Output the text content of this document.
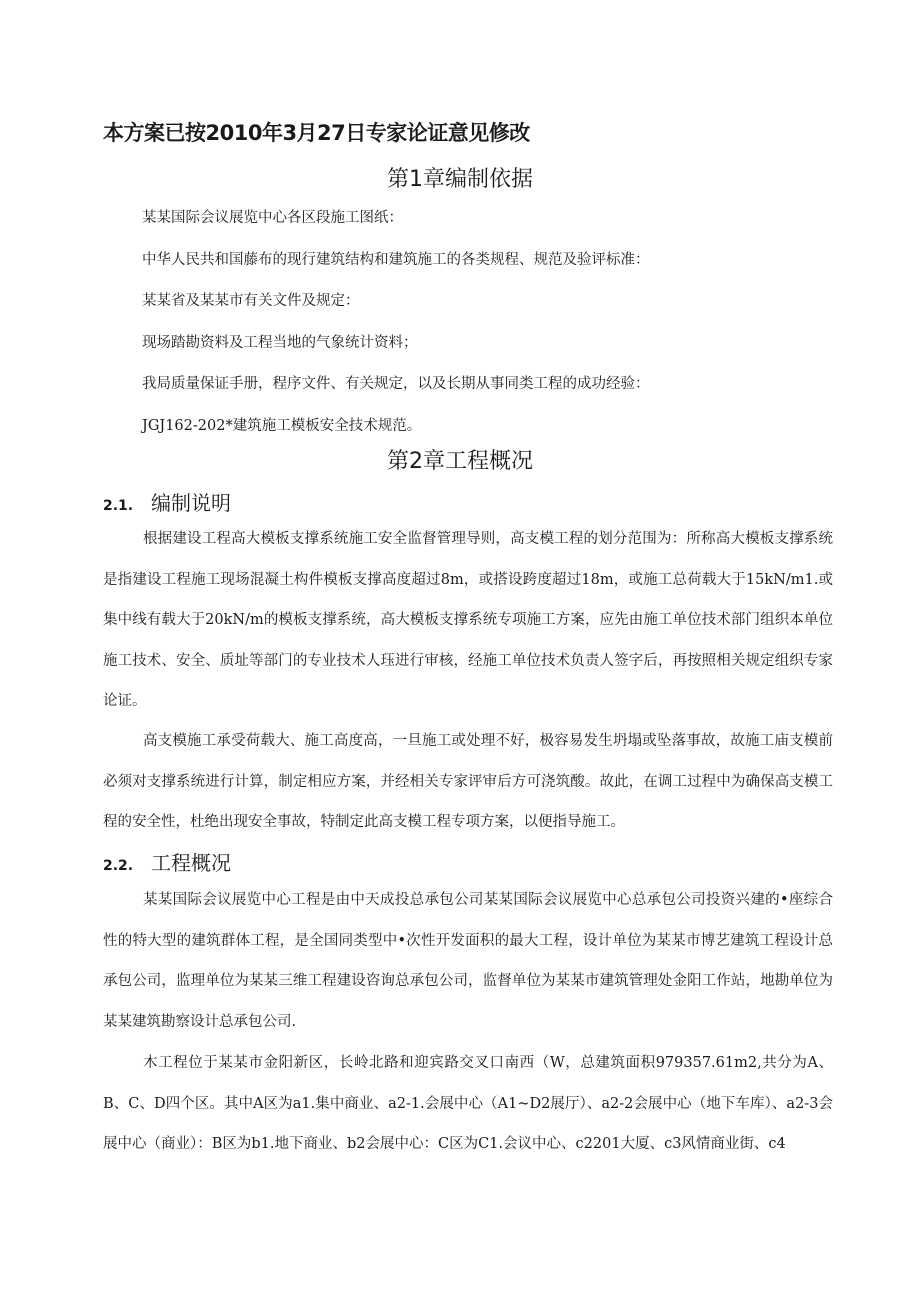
本方案已按2010年3月27日专家论证意见修改
第1章编制依据
某某国际会议展览中心各区段施工图纸：
中华人民共和国藤布的现行建筑结构和建筑施工的各类规程、规范及验评标准：
某某省及某某市有关文件及规定：
现场踏勘资料及工程当地的气象统计资料；
我局质量保证手册，程序文件、有关规定，以及长期从事同类工程的成功经验：
JGJ162-202*建筑施工模板安全技术规范。
第2章工程概况
2.1. 编制说明

根据建设工程高大模板支撑系统施工安全监督管理导则，高支模工程的划分范围为：所称高大模板支撑系统是指建设工程施工现场混凝土构件模板支撑高度超过8m，或搭设跨度超过18m，或施工总荷载大于15kN/m1.或集中线有载大于20kN/m的模板支撑系统，高大模板支撑系统专项施工方案，应先由施工单位技术部门组织本单位施工技术、安全、质址等部门的专业技术人珏进行审核，经施工单位技术负责人签字后，再按照相关规定组织专家论证。

高支模施工承受荷载大、施工高度高，一旦施工或处理不好，极容易发生坍塌或坠落事故，故施工庙支模前必须对支撑系统进行计算，制定相应方案，并经相关专家评审后方可浇筑酸。故此，在调工过程中为确保高支模工程的安全性，杜绝出现安全事故，特制定此高支模工程专项方案，以便指导施工。

2.2. 工程概况

某某国际会议展览中心工程是由中天成投总承包公司某某国际会议展览中心总承包公司投资兴建的•座综合性的特大型的建筑群体工程，是全国同类型中•次性开发面积的最大工程，设计单位为某某市博艺建筑工程设计总承包公司，监理单位为某某三维工程建设咨询总承包公司，监督单位为某某市建筑管理处金阳工作站，地勘单位为某某建筑勘察设计总承包公司.

木工程位于某某市金阳新区，长岭北路和迎宾路交叉口南西（W，总建筑面积979357.61m2,共分为A、B、C、D四个区。其中A区为a1.集中商业、a2-1.会展中心（A1~D2展厅）、a2-2会展中心（地下车库）、a2-3会展中心（商业）：B区为b1.地下商业、b2会展中心：C区为C1.会议中心、c2201大厦、c3风情商业街、c4
